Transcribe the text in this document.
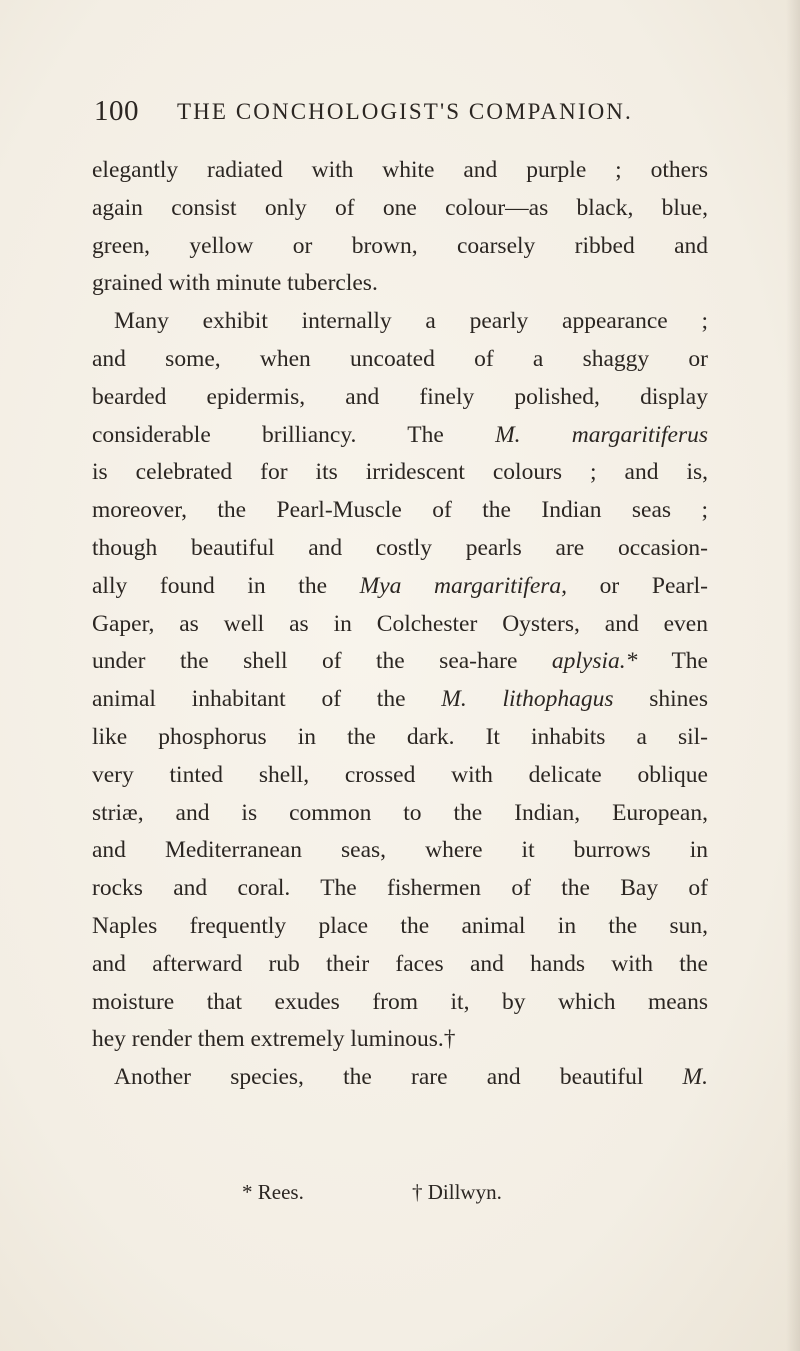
100 THE CONCHOLOGIST'S COMPANION.
elegantly radiated with white and purple ; others
again consist only of one colour—as black, blue,
green, yellow or brown, coarsely ribbed and
grained with minute tubercles.
Many exhibit internally a pearly appearance ;
and some, when uncoated of a shaggy or
bearded epidermis, and finely polished, display
considerable brilliancy. The M. margaritiferus
is celebrated for its irridescent colours ; and is,
moreover, the Pearl-Muscle of the Indian seas ;
though beautiful and costly pearls are occasion-
ally found in the Mya margaritifera, or Pearl-
Gaper, as well as in Colchester Oysters, and even
under the shell of the sea-hare aplysia.* The
animal inhabitant of the M. lithophagus shines
like phosphorus in the dark. It inhabits a sil-
very tinted shell, crossed with delicate oblique
striæ, and is common to the Indian, European,
and Mediterranean seas, where it burrows in
rocks and coral. The fishermen of the Bay of
Naples frequently place the animal in the sun,
and afterward rub their faces and hands with the
moisture that exudes from it, by which means
hey render them extremely luminous.†
Another species, the rare and beautiful M.
* Rees.	† Dillwyn.
